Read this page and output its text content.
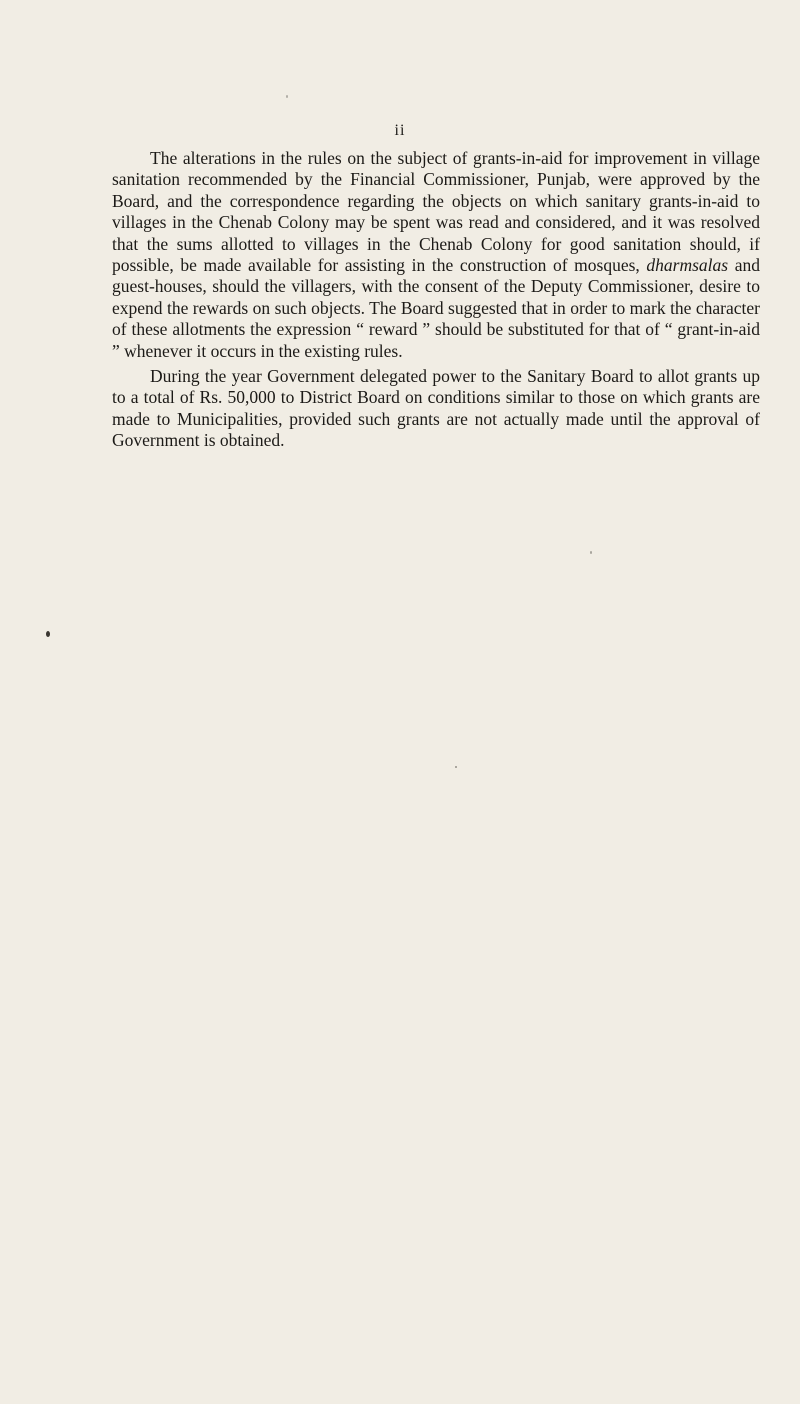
ii

The alterations in the rules on the subject of grants-in-aid for improvement in village sanitation recommended by the Financial Commissioner, Punjab, were approved by the Board, and the correspondence regarding the objects on which sanitary grants-in-aid to villages in the Chenab Colony may be spent was read and considered, and it was resolved that the sums allotted to villages in the Chenab Colony for good sanitation should, if possible, be made available for assisting in the construction of mosques, dharmsalas and guest-houses, should the villagers, with the consent of the Deputy Commissioner, desire to expend the rewards on such objects. The Board suggested that in order to mark the character of these allotments the expression “ reward ” should be substituted for that of “ grant-in-aid ” whenever it occurs in the existing rules.

During the year Government delegated power to the Sanitary Board to allot grants up to a total of Rs. 50,000 to District Board on conditions similar to those on which grants are made to Municipalities, provided such grants are not actually made until the approval of Government is obtained.
